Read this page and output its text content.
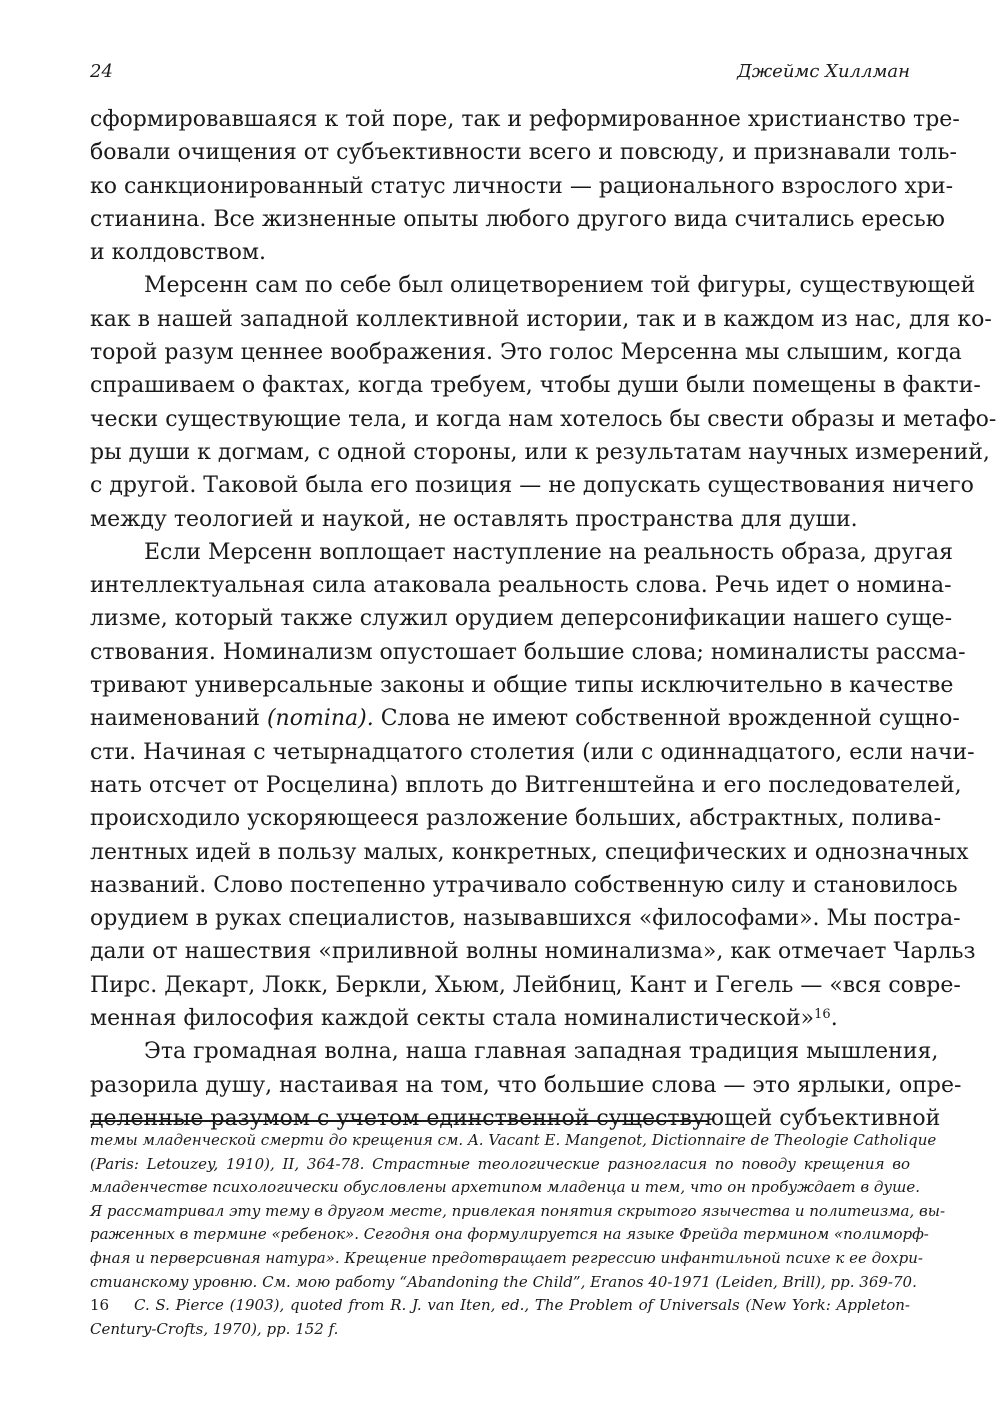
24	Джеймс Хиллман
сформировавшаяся к той поре, так и реформированное христианство тре-
бовали очищения от субъективности всего и повсюду, и признавали толь-
ко санкционированный статус личности — рационального взрослого хри-
стианина. Все жизненные опыты любого другого вида считались ересью
и колдовством.
Мерсенн сам по себе был олицетворением той фигуры, существующей
как в нашей западной коллективной истории, так и в каждом из нас, для ко-
торой разум ценнее воображения. Это голос Мерсенна мы слышим, когда
спрашиваем о фактах, когда требуем, чтобы души были помещены в факти-
чески существующие тела, и когда нам хотелось бы свести образы и метафо-
ры души к догмам, с одной стороны, или к результатам научных измерений,
с другой. Таковой была его позиция — не допускать существования ничего
между теологией и наукой, не оставлять пространства для души.
Если Мерсенн воплощает наступление на реальность образа, другая
интеллектуальная сила атаковала реальность слова. Речь идет о номина-
лизме, который также служил орудием деперсонификации нашего суще-
ствования. Номинализм опустошает большие слова; номиналисты рассма-
тривают универсальные законы и общие типы исключительно в качестве
наименований (nomina). Слова не имеют собственной врожденной сущно-
сти. Начиная с четырнадцатого столетия (или с одиннадцатого, если начи-
нать отсчет от Росцелина) вплоть до Витгенштейна и его последователей,
происходило ускоряющееся разложение больших, абстрактных, полива-
лентных идей в пользу малых, конкретных, специфических и однозначных
названий. Слово постепенно утрачивало собственную силу и становилось
орудием в руках специалистов, называвшихся «философами». Мы постра-
дали от нашествия «приливной волны номинализма», как отмечает Чарльз
Пирс. Декарт, Локк, Беркли, Хьюм, Лейбниц, Кант и Гегель — «вся совре-
менная философия каждой секты стала номиналистической»$^{16}$.
Эта громадная волна, наша главная западная традиция мышления,
разорила душу, настаивая на том, что большие слова — это ярлыки, опре-
деленные разумом с учетом единственной существующей субъективной
темы младенческой смерти до крещения см. A. Vacant E. Mangenot, Dictionnaire de Theologie Catholique
(Paris: Letouzey, 1910), II, 364-78. Страстные теологические разногласия по поводу крещения во
младенчестве психологически обусловлены архетипом младенца и тем, что он пробуждает в душе.
Я рассматривал эту тему в другом месте, привлекая понятия скрытого язычества и политеизма, вы-
раженных в термине «ребенок». Сегодня она формулируется на языке Фрейда термином «полиморф-
фная и перверсивная натура». Крещение предотвращает регрессию инфантильной психе к ее дохри-
стианскому уровню. См. мою работу “Abandoning the Child”, Eranos 40-1971 (Leiden, Brill), pp. 369-70.
16 C. S. Pierce (1903), quoted from R. J. van Iten, ed., The Problem of Universals (New York: Appleton-
Century-Crofts, 1970), pp. 152 f.
